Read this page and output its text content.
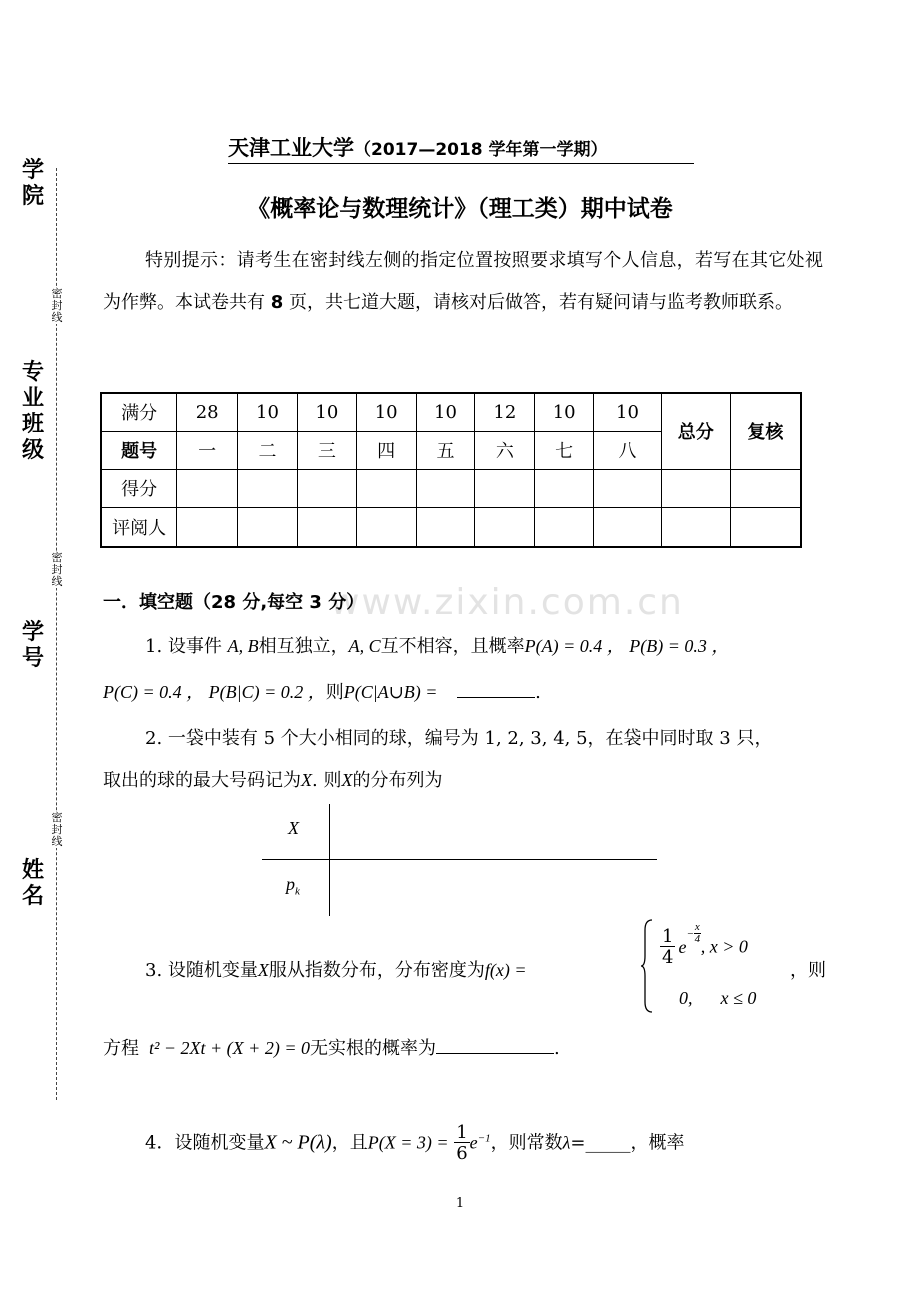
学院
专业班级
学号
姓名
密封线
密封线
密封线
天津工业大学（2017—2018 学年第一学期）
《概率论与数理统计》（理工类）期中试卷
特别提示：请考生在密封线左侧的指定位置按照要求填写个人信息，若写在其它处视为作弊。本试卷共有 8 页，共七道大题，请核对后做答，若有疑问请与监考教师联系。
满分	28	10	10	10	10	12	10	10	总分	复核
题号	一	二	三	四	五	六	七	八		
得分										
评阅人										
www.zixin.com.cn
一．填空题（28 分,每空 3 分）
1. 设事件 A, B相互独立，A, C互不相容，且概率P(A) = 0.4 ， P(B) = 0.3 ，
P(C) = 0.4 ， P(B|C) = 0.2 ，则P(C|A∪B) =	.
2. 一袋中装有 5 个大小相同的球，编号为 1, 2, 3, 4, 5，在袋中同时取 3 只，
取出的球的最大号码记为X. 则X的分布列为
X
$p_k$
3. 设随机变量X服从指数分布，分布密度为f(x) =
$\frac{1}{4} e^{- \frac{x}{4}}$
, x > 0
0, x ≤ 0
，则
方程 t² − 2Xt + (X + 2) = 0无实根的概率为	.
4．设随机变量X ~ P(λ)，且$P(X = 3) = \frac{1}{6} e^{-1}$，则常数λ=_____，概率
1
